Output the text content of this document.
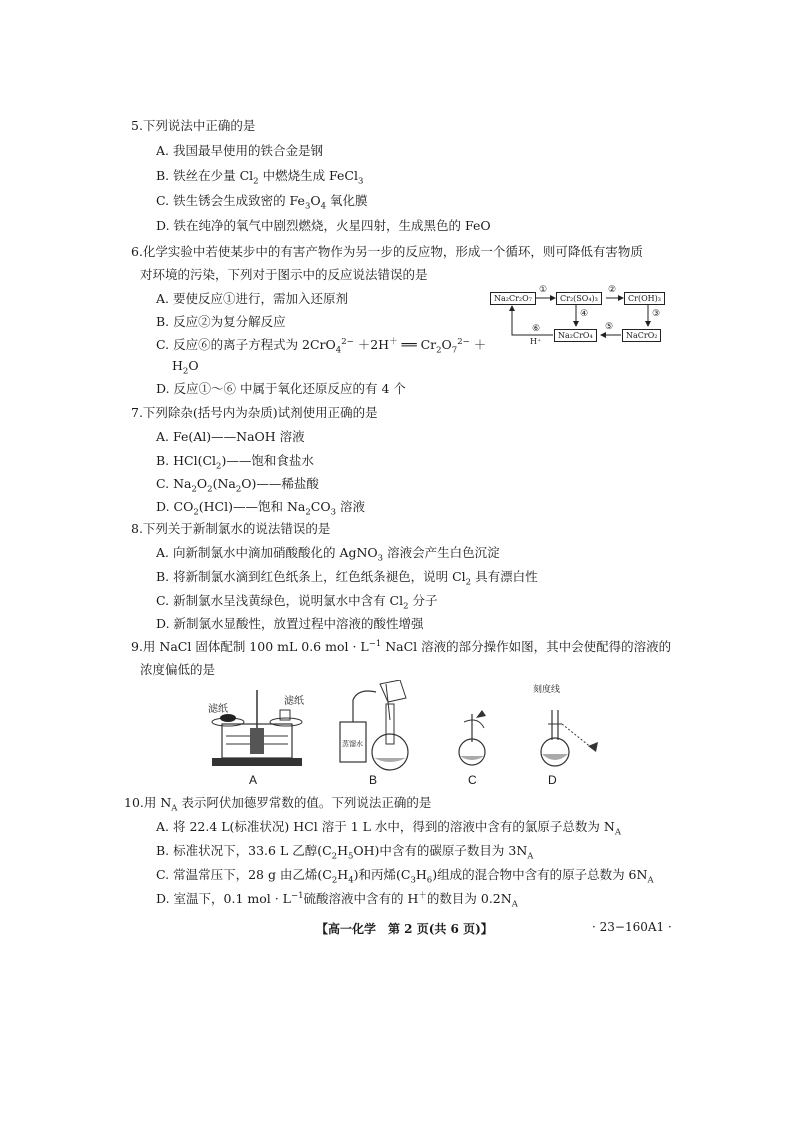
5.下列说法中正确的是
A. 我国最早使用的铁合金是钢
B. 铁丝在少量 $Cl_2$ 中燃烧生成 FeCl$_3$
C. 铁生锈会生成致密的 $Fe_3O_4$ 氧化膜
D. 铁在纯净的氧气中剧烈燃烧，火星四射，生成黑色的 FeO
6.化学实验中若使某步中的有害产物作为另一步的反应物，形成一个循环，则可降低有害物质
对环境的污染，下列对于图示中的反应说法错误的是
A. 要使反应①进行，需加入还原剂
B. 反应②为复分解反应
C. 反应⑥的离子方程式为 2CrO$_4^{2-}$ ＋2H＋ ══ $Cr_2O_7^{2-}$ ＋
$H_2O$
D. 反应①～⑥ 中属于氧化还原反应的有 4 个
Na₂Cr₂O₇	Cr₂(SO₄)₃	Cr(OH)₃
Na₂CrO₄	NaCrO₂
①	②
③
④
⑤
⑥
H⁺
7.下列除杂(括号内为杂质)试剂使用正确的是
A. Fe(Al)——NaOH 溶液
B. $HCl(Cl_2)——$饱和食盐水
C. $Na_2O_2(Na_2O)——$稀盐酸
D. $CO_2(HCl)——$饱和 $Na_2CO_3$ 溶液
8.下列关于新制氯水的说法错误的是
A. 向新制氯水中滴加硝酸酸化的 AgNO$_3$ 溶液会产生白色沉淀
B. 将新制氯水滴到红色纸条上，红色纸条褪色，说明 $Cl_2$ 具有漂白性
C. 新制氯水呈浅黄绿色，说明氯水中含有 $Cl_2$ 分子
D. 新制氯水显酸性，放置过程中溶液的酸性增强
9.用 NaCl 固体配制 100 mL 0.6 mol · $L^{-1}$ NaCl 溶液的部分操作如图，其中会使配得的溶液的
浓度偏低的是
滤纸
滤纸
蒸馏水
刻度线
A	B	C	D
10.用 $N_A$ 表示阿伏加德罗常数的值。下列说法正确的是
A. 将 22.4 L(标准状况) HCl 溶于 1 L 水中，得到的溶液中含有的氯原子总数为 $N_A$
B. 标准状况下，33.6 L 乙醇$(C_2H_5OH)$中含有的碳原子数目为 $3N_A$
C. 常温常压下，28 g 由乙烯$(C_2H_4)$和丙烯$(C_3H_6)$组成的混合物中含有的原子总数为 $6N_A$
D. 室温下，0.1 mol · $L^{-1}$硫酸溶液中含有的 H＋的数目为 $0.2N_A$
【高一化学　第 2 页(共 6 页)】	· 23−160A1 ·
